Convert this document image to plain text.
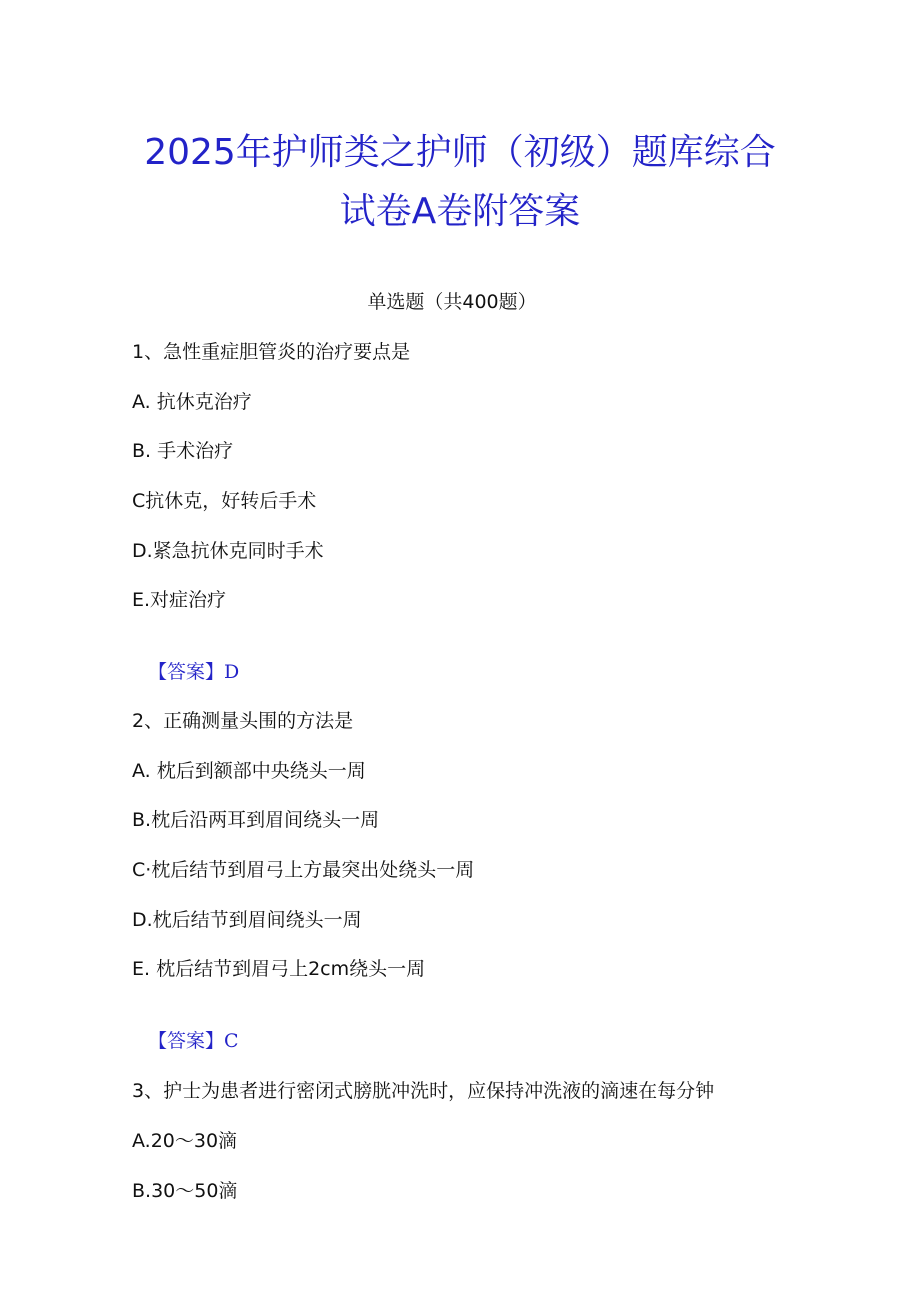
2025年护师类之护师（初级）题库综合
试卷A卷附答案
单选题（共400题）
1、急性重症胆管炎的治疗要点是
A. 抗休克治疗
B. 手术治疗
C抗休克，好转后手术
D.紧急抗休克同时手术
E.对症治疗
【答案】D
2、正确测量头围的方法是
A. 枕后到额部中央绕头一周
B.枕后沿两耳到眉间绕头一周
C·枕后结节到眉弓上方最突出处绕头一周
D.枕后结节到眉间绕头一周
E. 枕后结节到眉弓上2cm绕头一周
【答案】C
3、护士为患者进行密闭式膀胱冲洗时，应保持冲洗液的滴速在每分钟
A.20～30滴
B.30～50滴
